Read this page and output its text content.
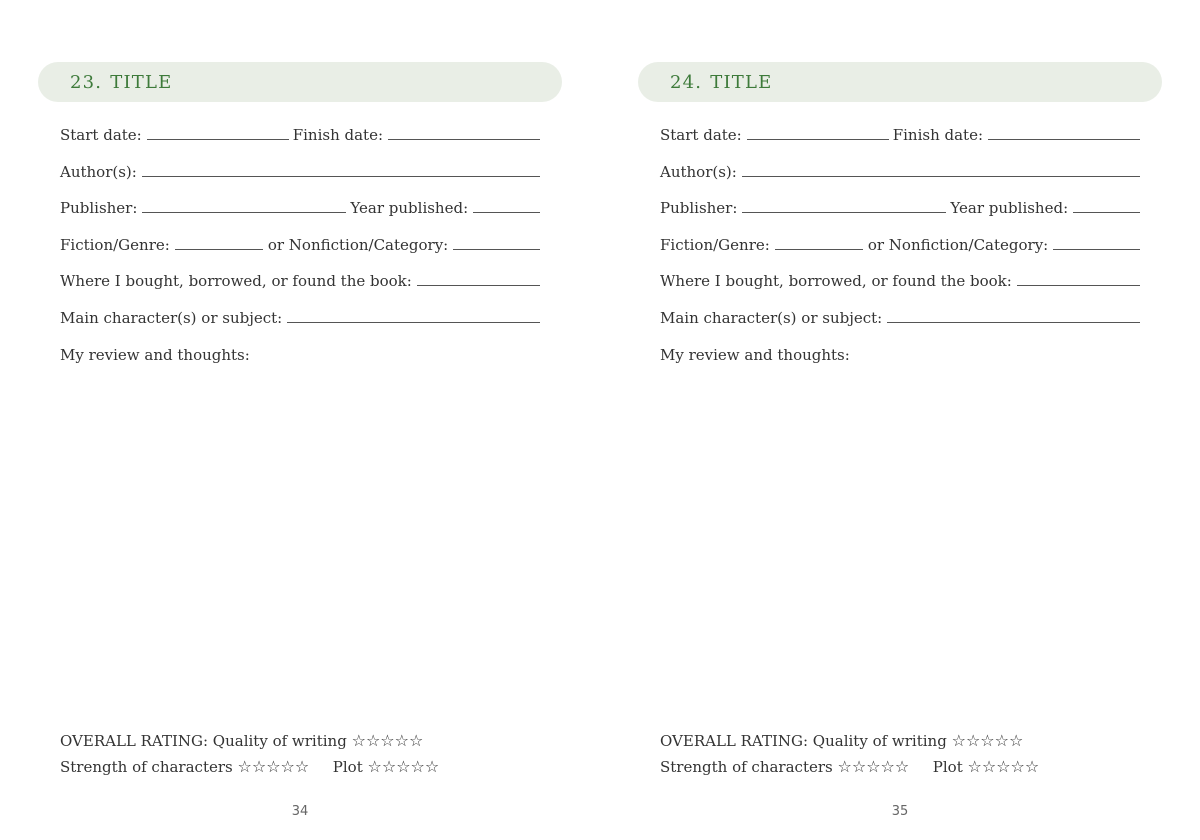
23. TITLE
Start date:	Finish date:
Author(s):
Publisher:	Year published:
Fiction/Genre:	or Nonfiction/Category:
Where I bought, borrowed, or found the book:
Main character(s) or subject:
My review and thoughts:
OVERALL RATING: Quality of writing ☆☆☆☆☆
Strength of characters ☆☆☆☆☆ Plot ☆☆☆☆☆
34
24. TITLE
Start date:	Finish date:
Author(s):
Publisher:	Year published:
Fiction/Genre:	or Nonfiction/Category:
Where I bought, borrowed, or found the book:
Main character(s) or subject:
My review and thoughts:
OVERALL RATING: Quality of writing ☆☆☆☆☆
Strength of characters ☆☆☆☆☆ Plot ☆☆☆☆☆
35
